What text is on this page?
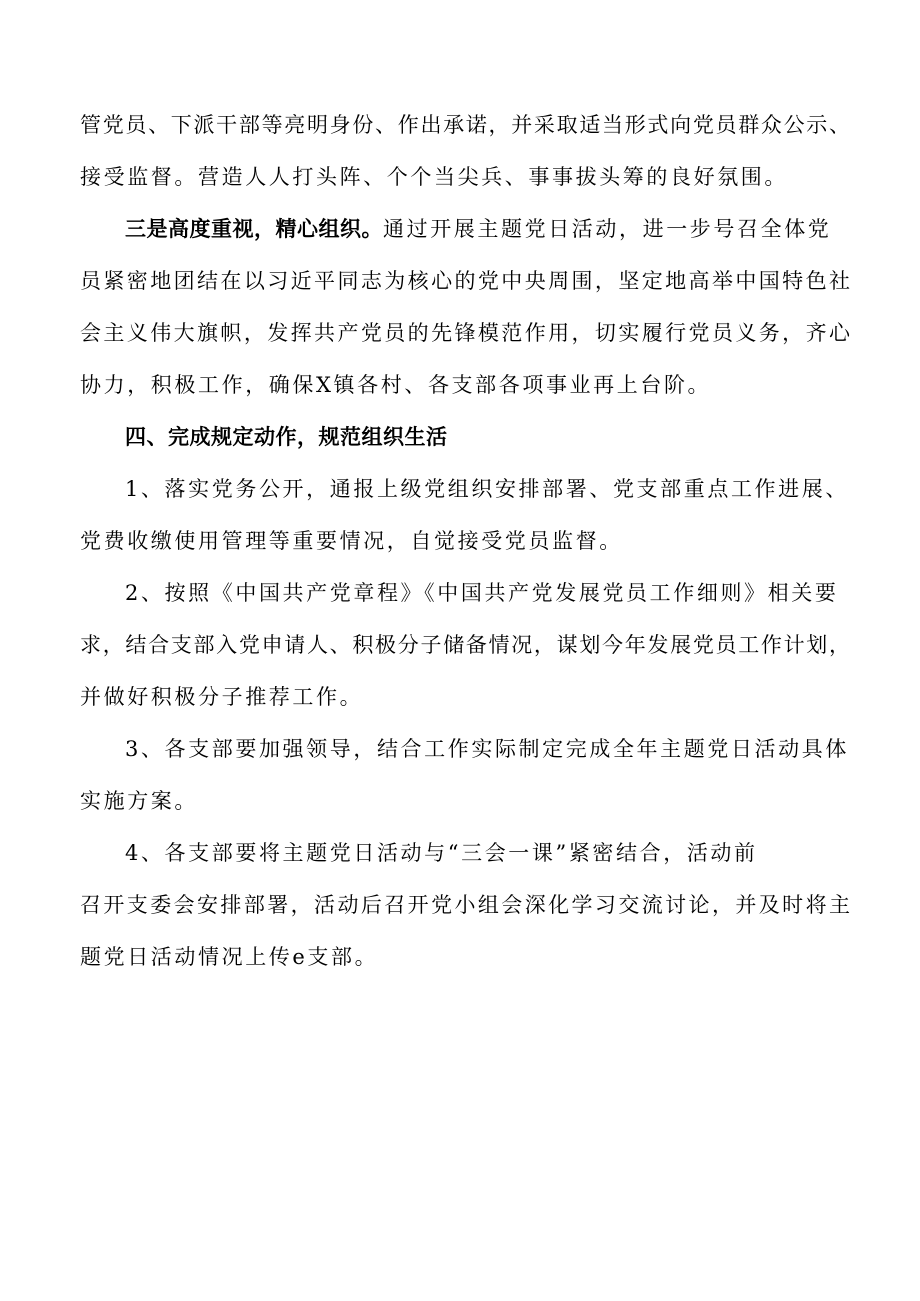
管党员、下派干部等亮明身份、作出承诺，并采取适当形式向党员群众公示、
接受监督。营造人人打头阵、个个当尖兵、事事拔头筹的良好氛围。
三是高度重视，精心组织。通过开展主题党日活动，进一步号召全体党
员紧密地团结在以习近平同志为核心的党中央周围，坚定地高举中国特色社
会主义伟大旗帜，发挥共产党员的先锋模范作用，切实履行党员义务，齐心
协力，积极工作，确保X镇各村、各支部各项事业再上台阶。
四、完成规定动作，规范组织生活
1、落实党务公开，通报上级党组织安排部署、党支部重点工作进展、
党费收缴使用管理等重要情况，自觉接受党员监督。
2、按照《中国共产党章程》《中国共产党发展党员工作细则》相关要
求，结合支部入党申请人、积极分子储备情况，谋划今年发展党员工作计划，
并做好积极分子推荐工作。
3、各支部要加强领导，结合工作实际制定完成全年主题党日活动具体
实施方案。
4、各支部要将主题党日活动与“三会一课”紧密结合，活动前
召开支委会安排部署，活动后召开党小组会深化学习交流讨论，并及时将主
题党日活动情况上传e支部。
